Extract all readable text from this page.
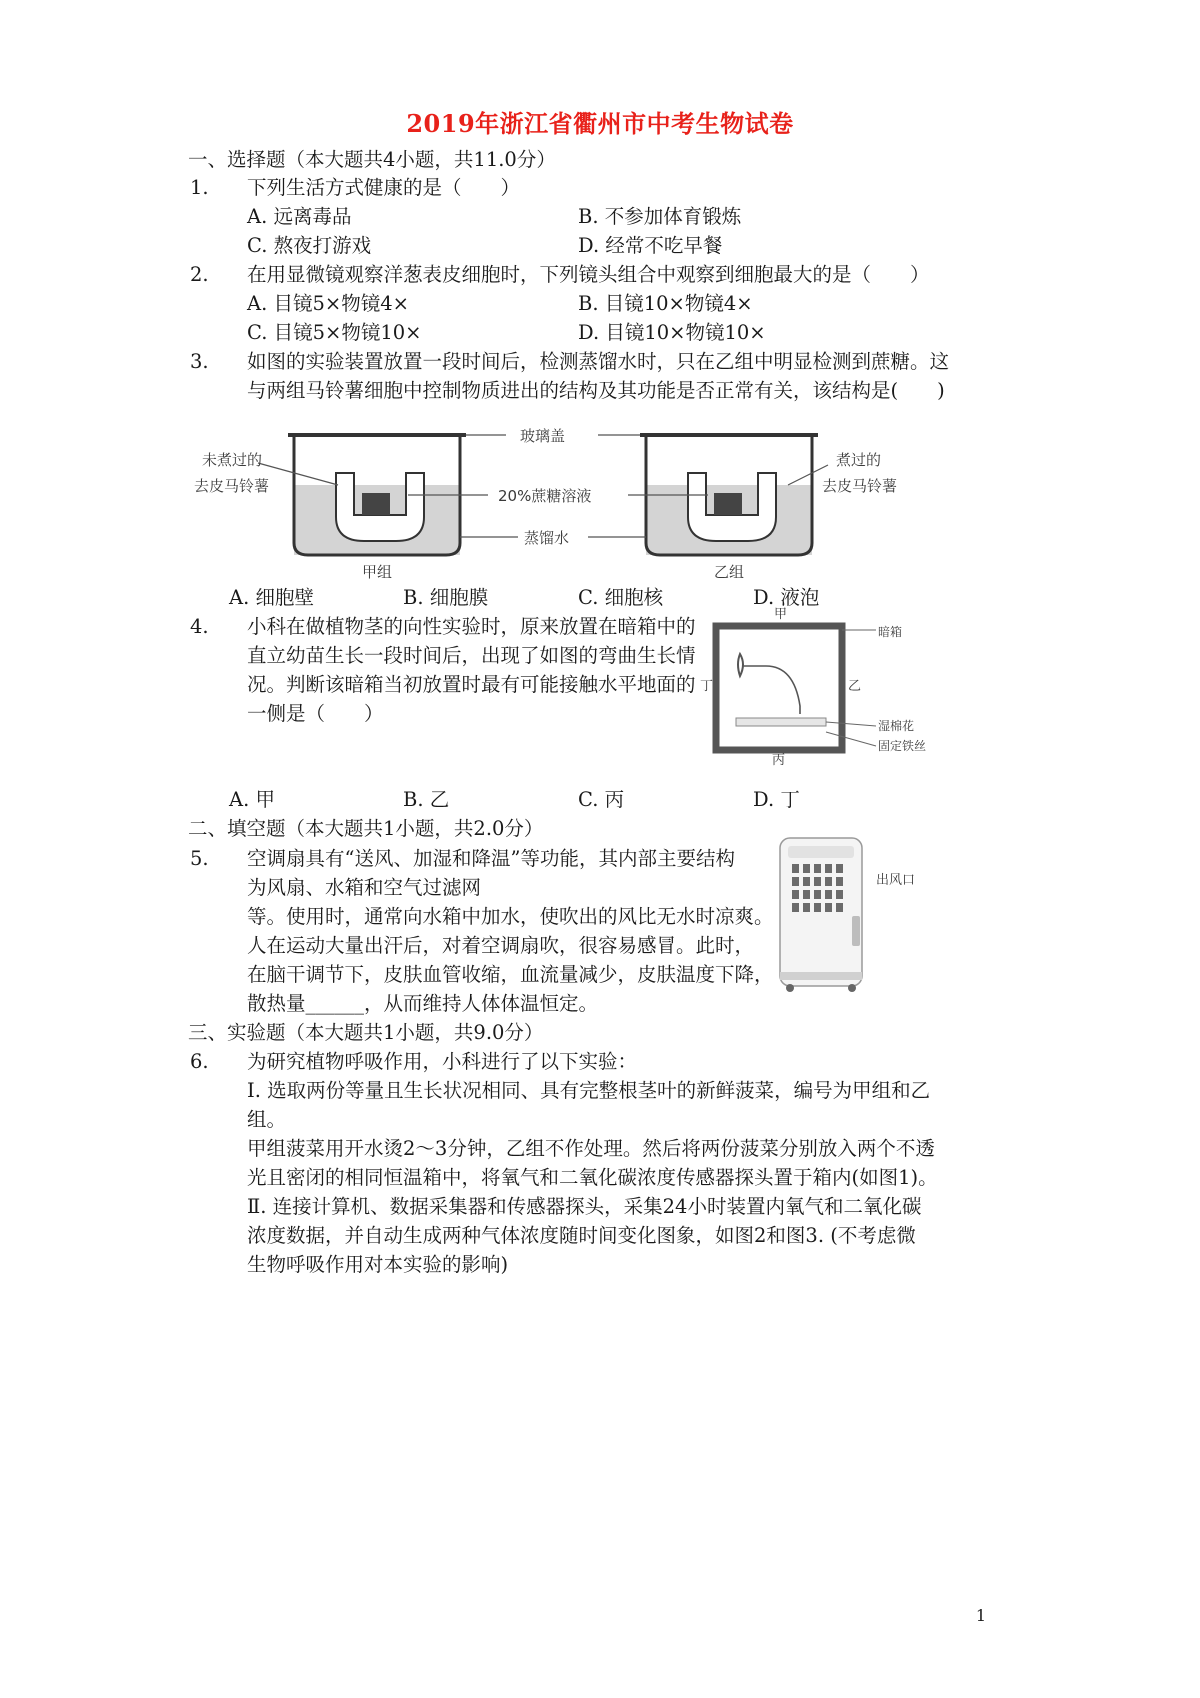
2019年浙江省衢州市中考生物试卷
一、选择题（本大题共4小题，共11.0分）
1. 下列生活方式健康的是（　　）
A. 远离毒品	B. 不参加体育锻炼
C. 熬夜打游戏	D. 经常不吃早餐
2. 在用显微镜观察洋葱表皮细胞时，下列镜头组合中观察到细胞最大的是（　　）
A. 目镜5×物镜4×	B. 目镜10×物镜4×
C. 目镜5×物镜10×	D. 目镜10×物镜10×
3. 如图的实验装置放置一段时间后，检测蒸馏水时，只在乙组中明显检测到蔗糖。这
与两组马铃薯细胞中控制物质进出的结构及其功能是否正常有关，该结构是(　　)
玻璃盖
20%蔗糖溶液
蒸馏水
未煮过的
去皮马铃薯
煮过的
去皮马铃薯
甲组	乙组
A. 细胞壁	B. 细胞膜	C. 细胞核	D. 液泡
4. 小科在做植物茎的向性实验时，原来放置在暗箱中的
直立幼苗生长一段时间后，出现了如图的弯曲生长情
况。判断该暗箱当初放置时最有可能接触水平地面的
一侧是（　　）
甲
乙
丙
丁
暗箱
湿棉花
固定铁丝
A. 甲	B. 乙	C. 丙	D. 丁
二、填空题（本大题共1小题，共2.0分）
5. 空调扇具有“送风、加湿和降温”等功能，其内部主要结构
为风扇、水箱和空气过滤网
等。使用时，通常向水箱中加水，使吹出的风比无水时凉爽。
人在运动大量出汗后，对着空调扇吹，很容易感冒。此时，
在脑干调节下，皮肤血管收缩，血流量减少，皮肤温度下降，
散热量______，从而维持人体体温恒定。
出风口
三、实验题（本大题共1小题，共9.0分）
6. 为研究植物呼吸作用，小科进行了以下实验：
Ⅰ. 选取两份等量且生长状况相同、具有完整根茎叶的新鲜菠菜，编号为甲组和乙
组。
甲组菠菜用开水烫2～3分钟，乙组不作处理。然后将两份菠菜分别放入两个不透
光且密闭的相同恒温箱中，将氧气和二氧化碳浓度传感器探头置于箱内(如图1)。
Ⅱ. 连接计算机、数据采集器和传感器探头，采集24小时装置内氧气和二氧化碳
浓度数据，并自动生成两种气体浓度随时间变化图象，如图2和图3. (不考虑微
生物呼吸作用对本实验的影响)
1
